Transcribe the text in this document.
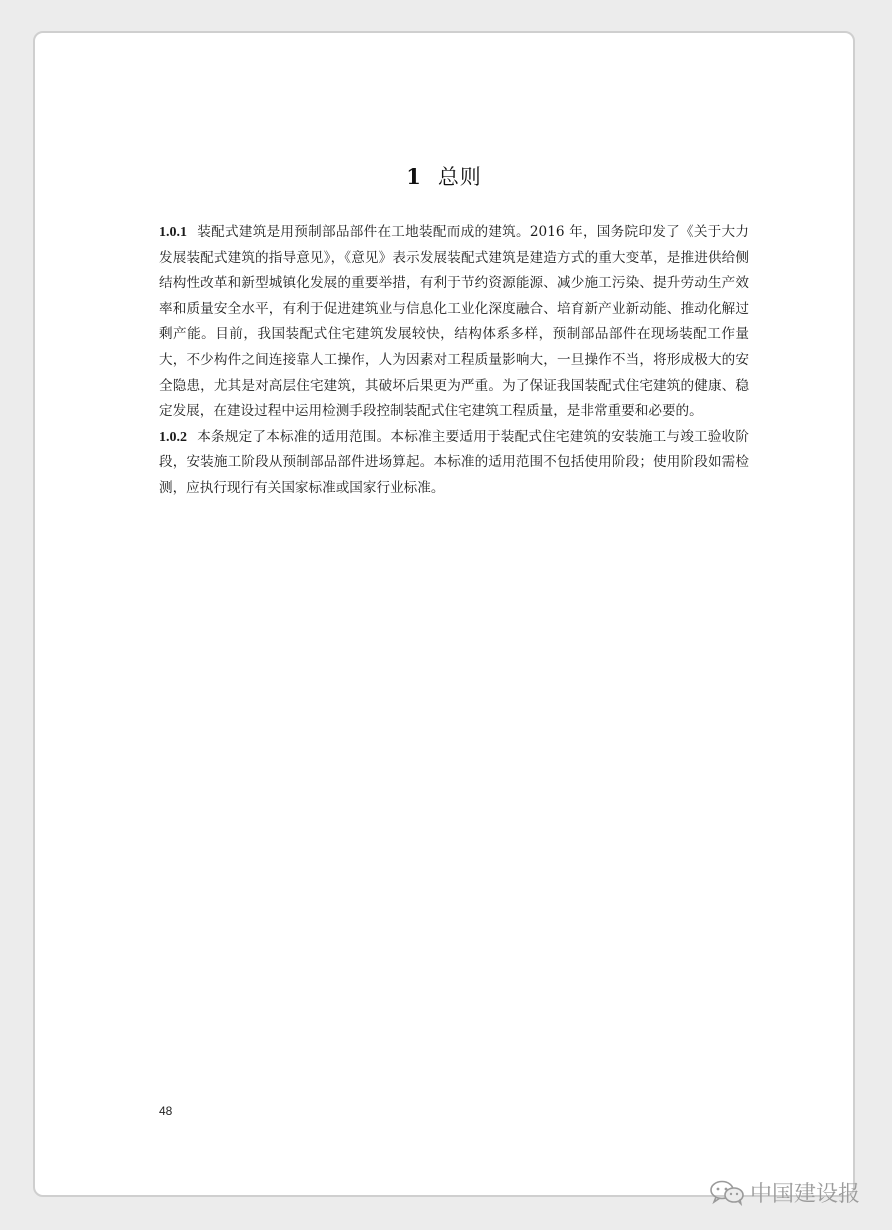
1 总则

1.0.1 装配式建筑是用预制部品部件在工地装配而成的建筑。2016 年，国务院印发了《关于大力发展装配式建筑的指导意见》，《意见》表示发展装配式建筑是建造方式的重大变革，是推进供给侧结构性改革和新型城镇化发展的重要举措，有利于节约资源能源、减少施工污染、提升劳动生产效率和质量安全水平，有利于促进建筑业与信息化工业化深度融合、培育新产业新动能、推动化解过剩产能。目前，我国装配式住宅建筑发展较快，结构体系多样，预制部品部件在现场装配工作量大，不少构件之间连接靠人工操作，人为因素对工程质量影响大，一旦操作不当，将形成极大的安全隐患，尤其是对高层住宅建筑，其破坏后果更为严重。为了保证我国装配式住宅建筑的健康、稳定发展，在建设过程中运用检测手段控制装配式住宅建筑工程质量，是非常重要和必要的。

1.0.2 本条规定了本标准的适用范围。本标准主要适用于装配式住宅建筑的安装施工与竣工验收阶段，安装施工阶段从预制部品部件进场算起。本标准的适用范围不包括使用阶段；使用阶段如需检测，应执行现行有关国家标准或国家行业标准。

48
中国建设报
